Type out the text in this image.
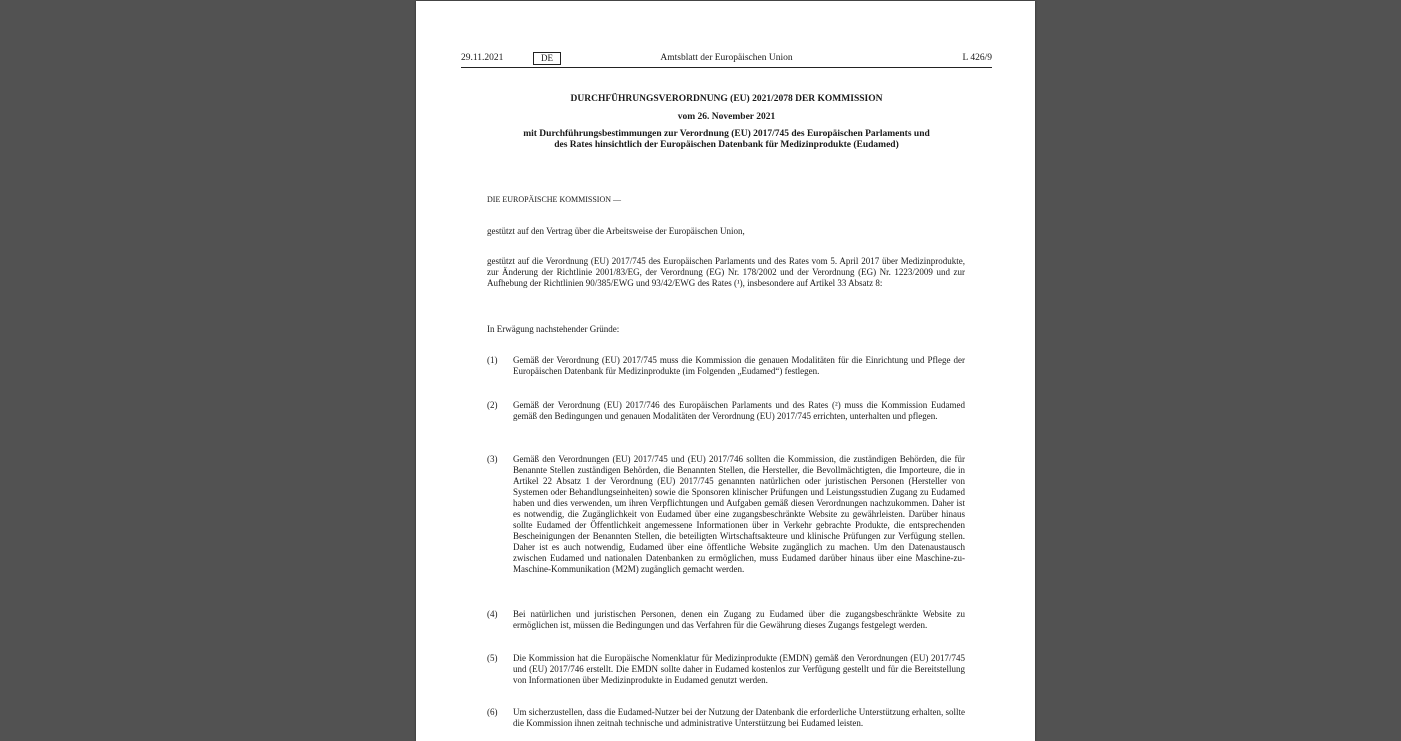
29.11.2021	Amtsblatt der Europäischen Union
DE	L 426/9
DURCHFÜHRUNGSVERORDNUNG (EU) 2021/2078 DER KOMMISSION
vom 26. November 2021
mit Durchführungsbestimmungen zur Verordnung (EU) 2017/745 des Europäischen Parlaments und
des Rates hinsichtlich der Europäischen Datenbank für Medizinprodukte (Eudamed)
DIE EUROPÄISCHE KOMMISSION —
gestützt auf den Vertrag über die Arbeitsweise der Europäischen Union,
gestützt auf die Verordnung (EU) 2017/745 des Europäischen Parlaments und des Rates vom 5. April 2017 über Medizinprodukte, zur Änderung der Richtlinie 2001/83/EG, der Verordnung (EG) Nr. 178/2002 und der Verordnung (EG) Nr. 1223/2009 und zur Aufhebung der Richtlinien 90/385/EWG und 93/42/EWG des Rates (¹), insbesondere auf Artikel 33 Absatz 8:
In Erwägung nachstehender Gründe:
(1) Gemäß der Verordnung (EU) 2017/745 muss die Kommission die genauen Modalitäten für die Einrichtung und Pflege der Europäischen Datenbank für Medizinprodukte (im Folgenden „Eudamed“) festlegen.
(2) Gemäß der Verordnung (EU) 2017/746 des Europäischen Parlaments und des Rates (²) muss die Kommission Eudamed gemäß den Bedingungen und genauen Modalitäten der Verordnung (EU) 2017/745 errichten, unterhalten und pflegen.
(3) Gemäß den Verordnungen (EU) 2017/745 und (EU) 2017/746 sollten die Kommission, die zuständigen Behörden, die für Benannte Stellen zuständigen Behörden, die Benannten Stellen, die Hersteller, die Bevollmächtigten, die Importeure, die in Artikel 22 Absatz 1 der Verordnung (EU) 2017/745 genannten natürlichen oder juristischen Personen (Hersteller von Systemen oder Behandlungseinheiten) sowie die Sponsoren klinischer Prüfungen und Leistungsstudien Zugang zu Eudamed haben und dies verwenden, um ihren Verpflichtungen und Aufgaben gemäß diesen Verordnungen nachzukommen. Daher ist es notwendig, die Zugänglichkeit von Eudamed über eine zugangsbeschränkte Website zu gewährleisten. Darüber hinaus sollte Eudamed der Öffentlichkeit angemessene Informationen über in Verkehr gebrachte Produkte, die entsprechenden Bescheinigungen der Benannten Stellen, die beteiligten Wirtschaftsakteure und klinische Prüfungen zur Verfügung stellen. Daher ist es auch notwendig, Eudamed über eine öffentliche Website zugänglich zu machen. Um den Datenaustausch zwischen Eudamed und nationalen Datenbanken zu ermöglichen, muss Eudamed darüber hinaus über eine Maschine-zu-Maschine-Kommunikation (M2M) zugänglich gemacht werden.
(4) Bei natürlichen und juristischen Personen, denen ein Zugang zu Eudamed über die zugangsbeschränkte Website zu ermöglichen ist, müssen die Bedingungen und das Verfahren für die Gewährung dieses Zugangs festgelegt werden.
(5) Die Kommission hat die Europäische Nomenklatur für Medizinprodukte (EMDN) gemäß den Verordnungen (EU) 2017/745 und (EU) 2017/746 erstellt. Die EMDN sollte daher in Eudamed kostenlos zur Verfügung gestellt und für die Bereitstellung von Informationen über Medizinprodukte in Eudamed genutzt werden.
(6) Um sicherzustellen, dass die Eudamed-Nutzer bei der Nutzung der Datenbank die erforderliche Unterstützung erhalten, sollte die Kommission ihnen zeitnah technische und administrative Unterstützung bei Eudamed leisten.
